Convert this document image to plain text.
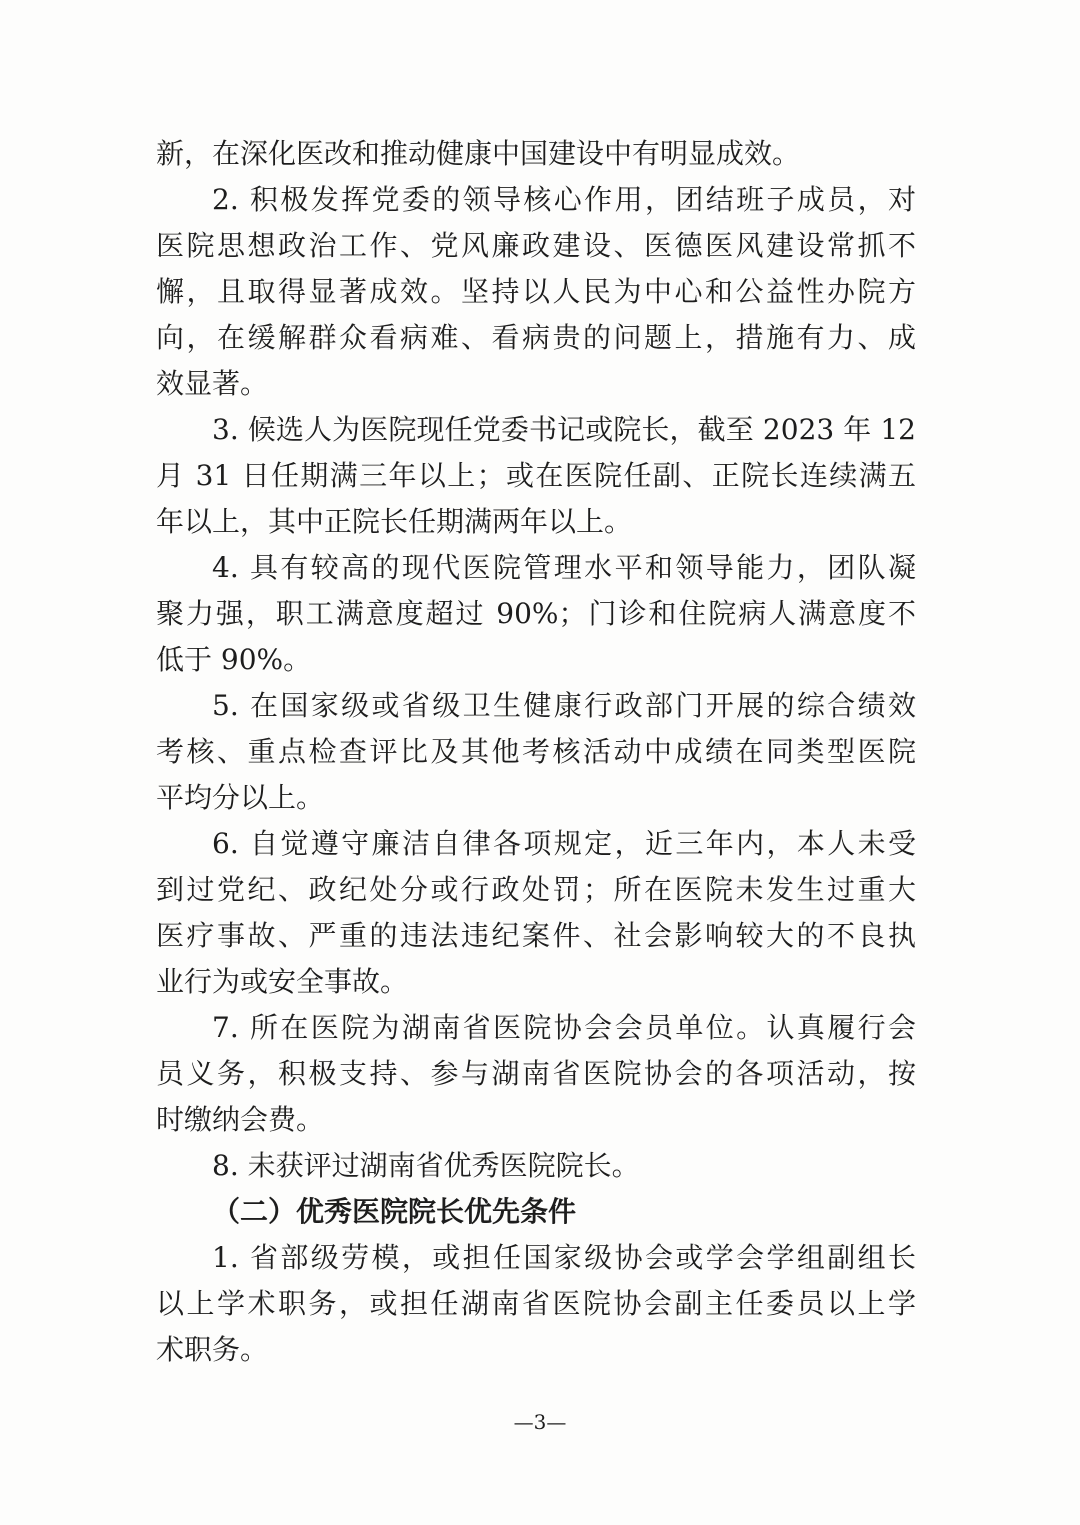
新，在深化医改和推动健康中国建设中有明显成效。
2. 积极发挥党委的领导核心作用，团结班子成员，对
医院思想政治工作、党风廉政建设、医德医风建设常抓不
懈，且取得显著成效。坚持以人民为中心和公益性办院方
向，在缓解群众看病难、看病贵的问题上，措施有力、成
效显著。
3. 候选人为医院现任党委书记或院长，截至 2023 年 12
月 31 日任期满三年以上；或在医院任副、正院长连续满五
年以上，其中正院长任期满两年以上。
4. 具有较高的现代医院管理水平和领导能力，团队凝
聚力强，职工满意度超过 90%；门诊和住院病人满意度不
低于 90%。
5. 在国家级或省级卫生健康行政部门开展的综合绩效
考核、重点检查评比及其他考核活动中成绩在同类型医院
平均分以上。
6. 自觉遵守廉洁自律各项规定，近三年内，本人未受
到过党纪、政纪处分或行政处罚；所在医院未发生过重大
医疗事故、严重的违法违纪案件、社会影响较大的不良执
业行为或安全事故。
7. 所在医院为湖南省医院协会会员单位。认真履行会
员义务，积极支持、参与湖南省医院协会的各项活动，按
时缴纳会费。
8. 未获评过湖南省优秀医院院长。
（二）优秀医院院长优先条件
1. 省部级劳模，或担任国家级协会或学会学组副组长
以上学术职务，或担任湖南省医院协会副主任委员以上学
术职务。
—3—
